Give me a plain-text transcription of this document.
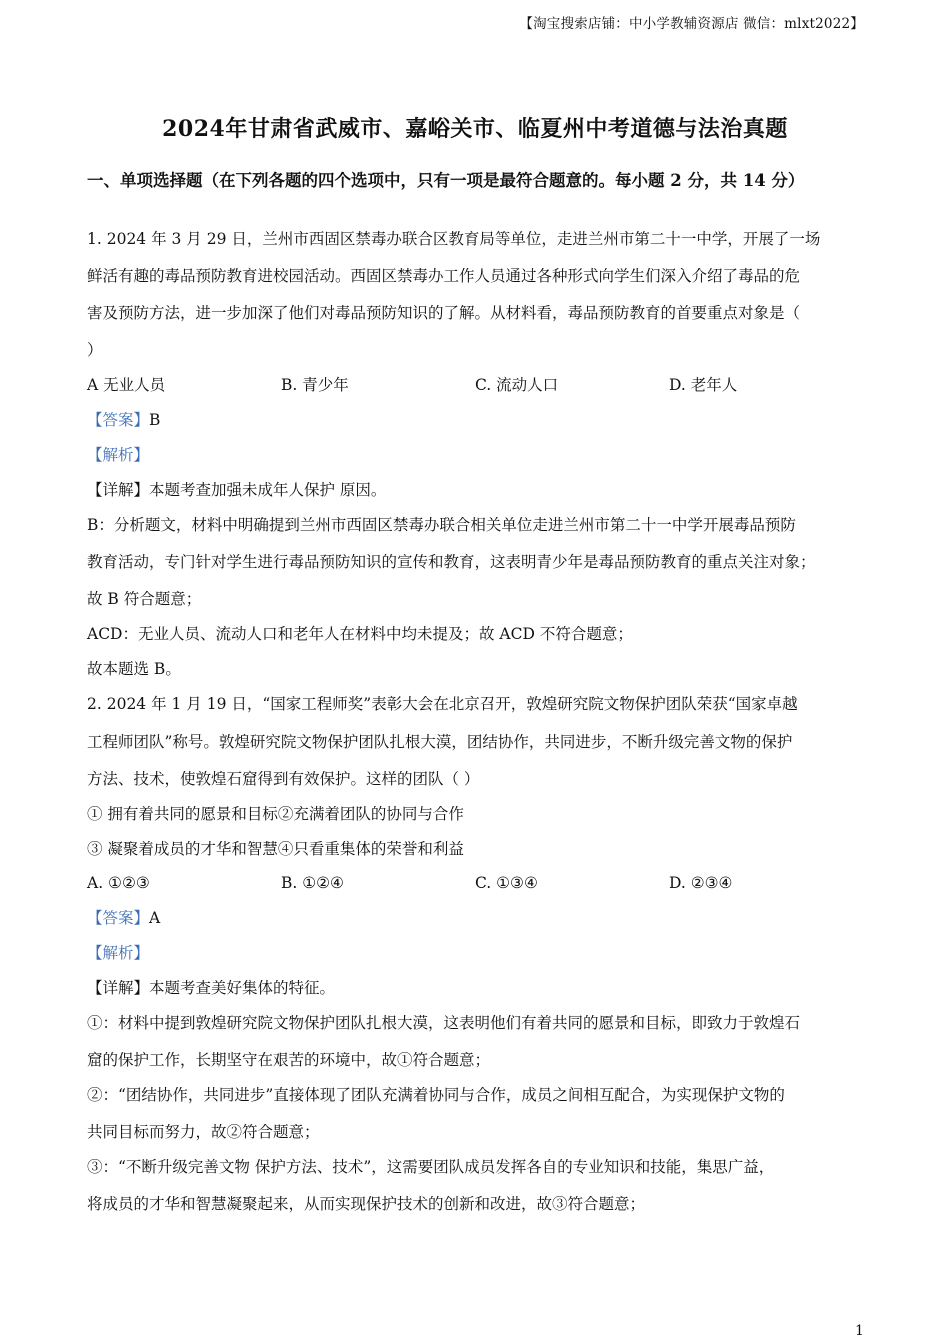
【淘宝搜索店铺：中小学教辅资源店 微信：mlxt2022】
2024年甘肃省武威市、嘉峪关市、临夏州中考道德与法治真题
一、单项选择题（在下列各题的四个选项中，只有一项是最符合题意的。每小题 2 分，共 14 分）
1. 2024 年 3 月 29 日，兰州市西固区禁毒办联合区教育局等单位，走进兰州市第二十一中学，开展了一场
鲜活有趣的毒品预防教育进校园活动。西固区禁毒办工作人员通过各种形式向学生们深入介绍了毒品的危
害及预防方法，进一步加深了他们对毒品预防知识的了解。从材料看，毒品预防教育的首要重点对象是（
）
A 无业人员	B. 青少年	C. 流动人口	D. 老年人
【答案】B
【解析】
【详解】本题考查加强未成年人保护 原因。
B：分析题文，材料中明确提到兰州市西固区禁毒办联合相关单位走进兰州市第二十一中学开展毒品预防
教育活动，专门针对学生进行毒品预防知识的宣传和教育，这表明青少年是毒品预防教育的重点关注对象；
故 B 符合题意；
ACD：无业人员、流动人口和老年人在材料中均未提及；故 ACD 不符合题意；
故本题选 B。
2. 2024 年 1 月 19 日，“国家工程师奖”表彰大会在北京召开，敦煌研究院文物保护团队荣获“国家卓越
工程师团队”称号。敦煌研究院文物保护团队扎根大漠，团结协作，共同进步，不断升级完善文物的保护
方法、技术，使敦煌石窟得到有效保护。这样的团队（ ）
① 拥有着共同的愿景和目标②充满着团队的协同与合作
③ 凝聚着成员的才华和智慧④只看重集体的荣誉和利益
A. ①②③	B. ①②④	C. ①③④	D. ②③④
【答案】A
【解析】
【详解】本题考查美好集体的特征。
①：材料中提到敦煌研究院文物保护团队扎根大漠，这表明他们有着共同的愿景和目标，即致力于敦煌石
窟的保护工作，长期坚守在艰苦的环境中，故①符合题意；
②：“团结协作，共同进步”直接体现了团队充满着协同与合作，成员之间相互配合，为实现保护文物的
共同目标而努力，故②符合题意；
③：“不断升级完善文物 保护方法、技术”，这需要团队成员发挥各自的专业知识和技能，集思广益，
将成员的才华和智慧凝聚起来，从而实现保护技术的创新和改进，故③符合题意；
1
